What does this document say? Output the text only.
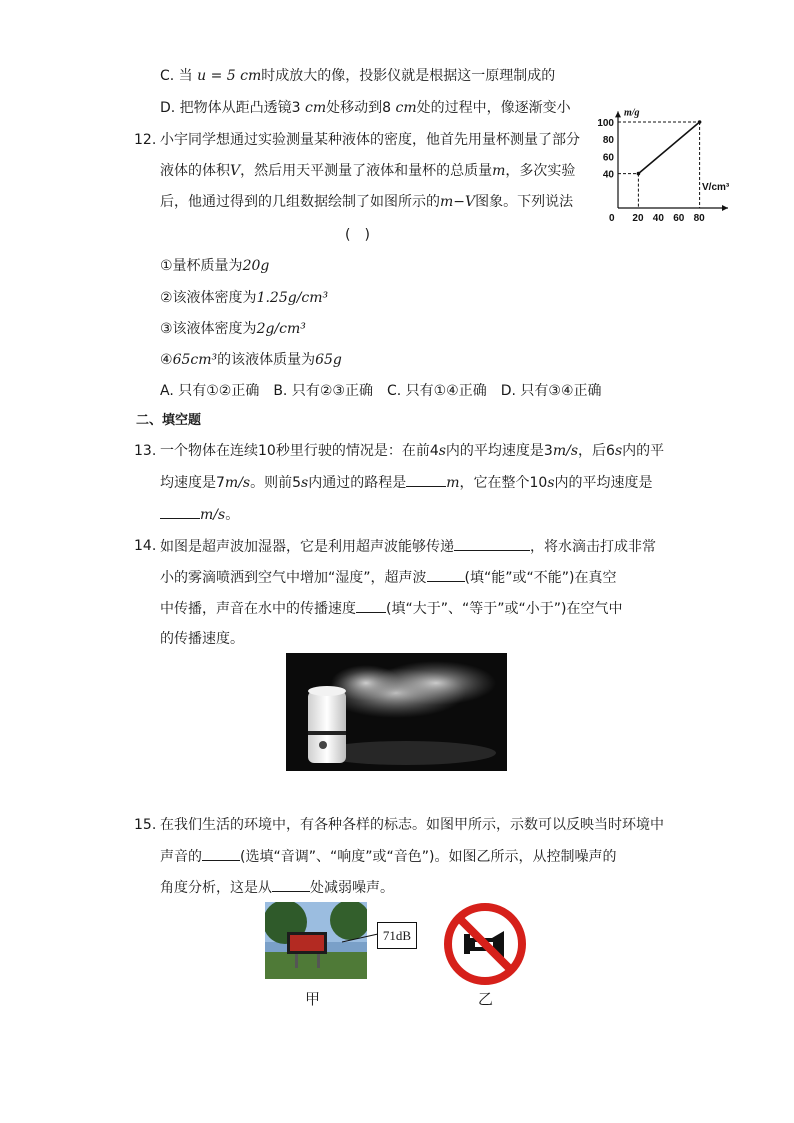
C. 当 u = 5 cm时成放大的像，投影仪就是根据这一原理制成的
D. 把物体从距凸透镜3 cm处移动到8 cm处的过程中，像逐渐变小
12. 小宇同学想通过实验测量某种液体的密度，他首先用量杯测量了部分
液体的体积V，然后用天平测量了液体和量杯的总质量m，多次实验
后，他通过得到的几组数据绘制了如图所示的m−V图象。下列说法
(　)
①量杯质量为20g
②该液体密度为1.25g/cm³
③该液体密度为2g/cm³
④65cm³的该液体质量为65g
A. 只有①②正确　B. 只有②③正确　C. 只有①④正确　D. 只有③④正确
0 20 40 60 80
40
60
80
100
m/g
V/cm³
二、填空题
13. 一个物体在连续10秒里行驶的情况是：在前4s内的平均速度是3m/s，后6s内的平
均速度是7m/s。则前5s内通过的路程是	m，它在整个10s内的平均速度是
m/s。
14. 如图是超声波加湿器，它是利用超声波能够传递	，将水滴击打成非常
小的雾滴喷洒到空气中增加“湿度”，超声波	(填“能”或“不能”)在真空
中传播，声音在水中的传播速度 (填“大于”、“等于”或“小于”)在空气中
的传播速度。
15. 在我们生活的环境中，有各种各样的标志。如图甲所示，示数可以反映当时环境中
声音的	(选填“音调”、“响度”或“音色”)。如图乙所示，从控制噪声的
角度分析，这是从	处减弱噪声。
71dB
甲	乙
